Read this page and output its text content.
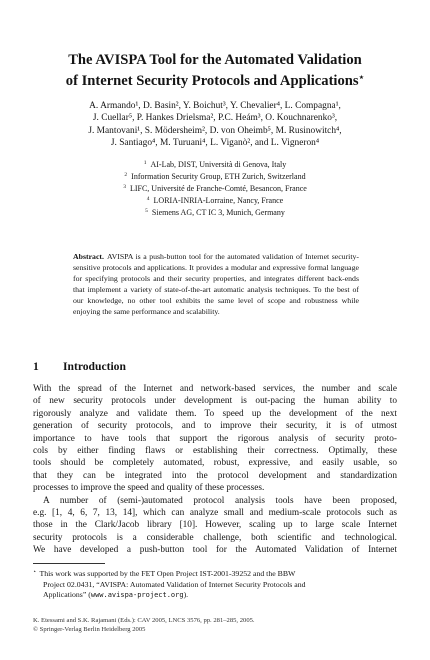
The AVISPA Tool for the Automated Validation
of Internet Security Protocols and Applications⋆
A. Armando¹, D. Basin², Y. Boichut³, Y. Chevalier⁴, L. Compagna¹,
J. Cuellar⁵, P. Hankes Drielsma², P.C. Heám³, O. Kouchnarenko³,
J. Mantovani¹, S. Mödersheim², D. von Oheimb⁵, M. Rusinowitch⁴,
J. Santiago⁴, M. Turuani⁴, L. Viganò², and L. Vigneron⁴
$^1$ AI-Lab, DIST, Università di Genova, Italy
$^2$ Information Security Group, ETH Zurich, Switzerland
$^3$ LIFC, Université de Franche-Comté, Besancon, France
$^4$ LORIA-INRIA-Lorraine, Nancy, France
$^5$ Siemens AG, CT IC 3, Munich, Germany
Abstract. AVISPA is a push-button tool for the automated validation of Internet security-sensitive protocols and applications. It provides a modular and expressive formal language for specifying protocols and their security properties, and integrates different back-ends that implement a variety of state-of-the-art automatic analysis techniques. To the best of our knowledge, no other tool exhibits the same level of scope and robustness while enjoying the same performance and scalability.
1 Introduction
With the spread of the Internet and network-based services, the number and scale
of new security protocols under development is out-pacing the human ability to
rigorously analyze and validate them. To speed up the development of the next
generation of security protocols, and to improve their security, it is of utmost
importance to have tools that support the rigorous analysis of security proto-
cols by either finding flaws or establishing their correctness. Optimally, these
tools should be completely automated, robust, expressive, and easily usable, so
that they can be integrated into the protocol development and standardization
processes to improve the speed and quality of these processes.
A number of (semi-)automated protocol analysis tools have been proposed,
e.g. [1, 4, 6, 7, 13, 14], which can analyze small and medium-scale protocols such as
those in the Clark/Jacob library [10]. However, scaling up to large scale Internet
security protocols is a considerable challenge, both scientific and technological.
We have developed a push-button tool for the Automated Validation of Internet
⋆ This work was supported by the FET Open Project IST-2001-39252 and the BBW
Project 02.0431, “AVISPA: Automated Validation of Internet Security Protocols and
Applications” (www.avispa-project.org).
K. Etessami and S.K. Rajamani (Eds.): CAV 2005, LNCS 3576, pp. 281–285, 2005.
© Springer-Verlag Berlin Heidelberg 2005
